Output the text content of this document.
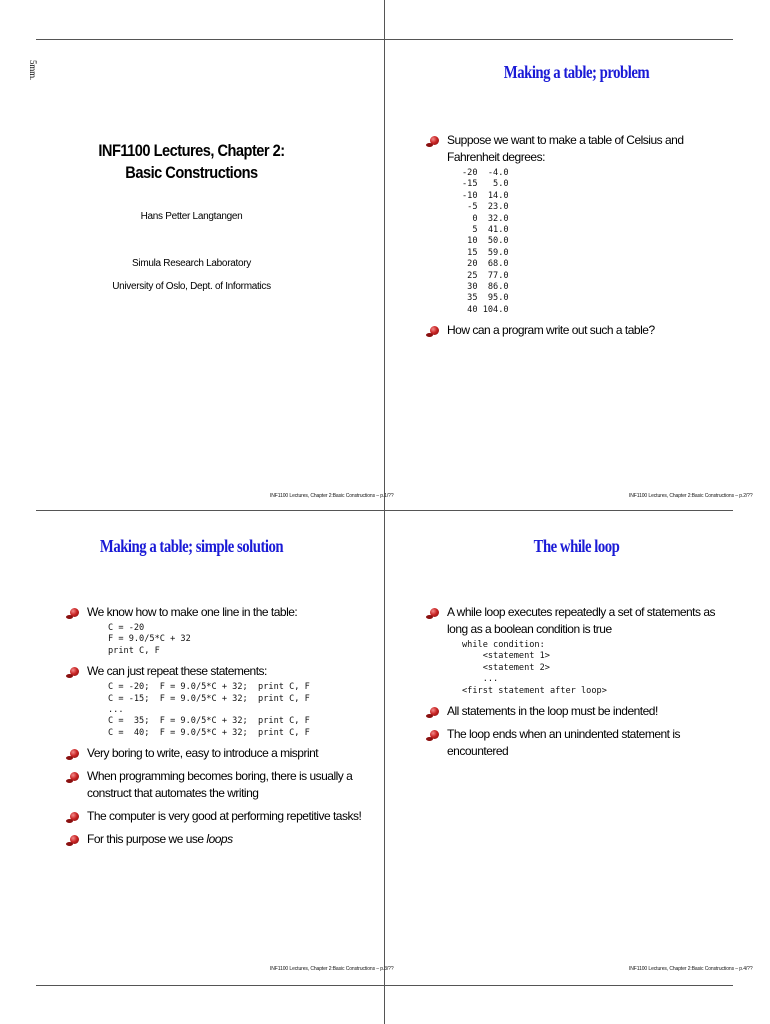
5mm.
INF1100 Lectures, Chapter 2:
Basic Constructions
Hans Petter Langtangen
Simula Research Laboratory
University of Oslo, Dept. of Informatics
INF1100 Lectures, Chapter 2:Basic Constructions – p.1/??
Making a table; problem
Suppose we want to make a table of Celsius and Fahrenheit degrees:
-20  -4.0
-15   5.0
-10  14.0
-5  23.0
0  32.0
5  41.0
10  50.0
15  59.0
20  68.0
25  77.0
30  86.0
35  95.0
40 104.0
How can a program write out such a table?
INF1100 Lectures, Chapter 2:Basic Constructions – p.2/??
Making a table; simple solution
We know how to make one line in the table:
C = -20
F = 9.0/5*C + 32
print C, F
We can just repeat these statements:
C = -20;  F = 9.0/5*C + 32;  print C, F
C = -15;  F = 9.0/5*C + 32;  print C, F
...
C =  35;  F = 9.0/5*C + 32;  print C, F
C =  40;  F = 9.0/5*C + 32;  print C, F
Very boring to write, easy to introduce a misprint
When programming becomes boring, there is usually a construct that automates the writing
The computer is very good at performing repetitive tasks!
For this purpose we use loops
INF1100 Lectures, Chapter 2:Basic Constructions – p.3/??
The while loop
A while loop executes repeatedly a set of statements as long as a boolean condition is true
while condition:
<statement 1>
<statement 2>
...
<first statement after loop>
All statements in the loop must be indented!
The loop ends when an unindented statement is encountered
INF1100 Lectures, Chapter 2:Basic Constructions – p.4/??
